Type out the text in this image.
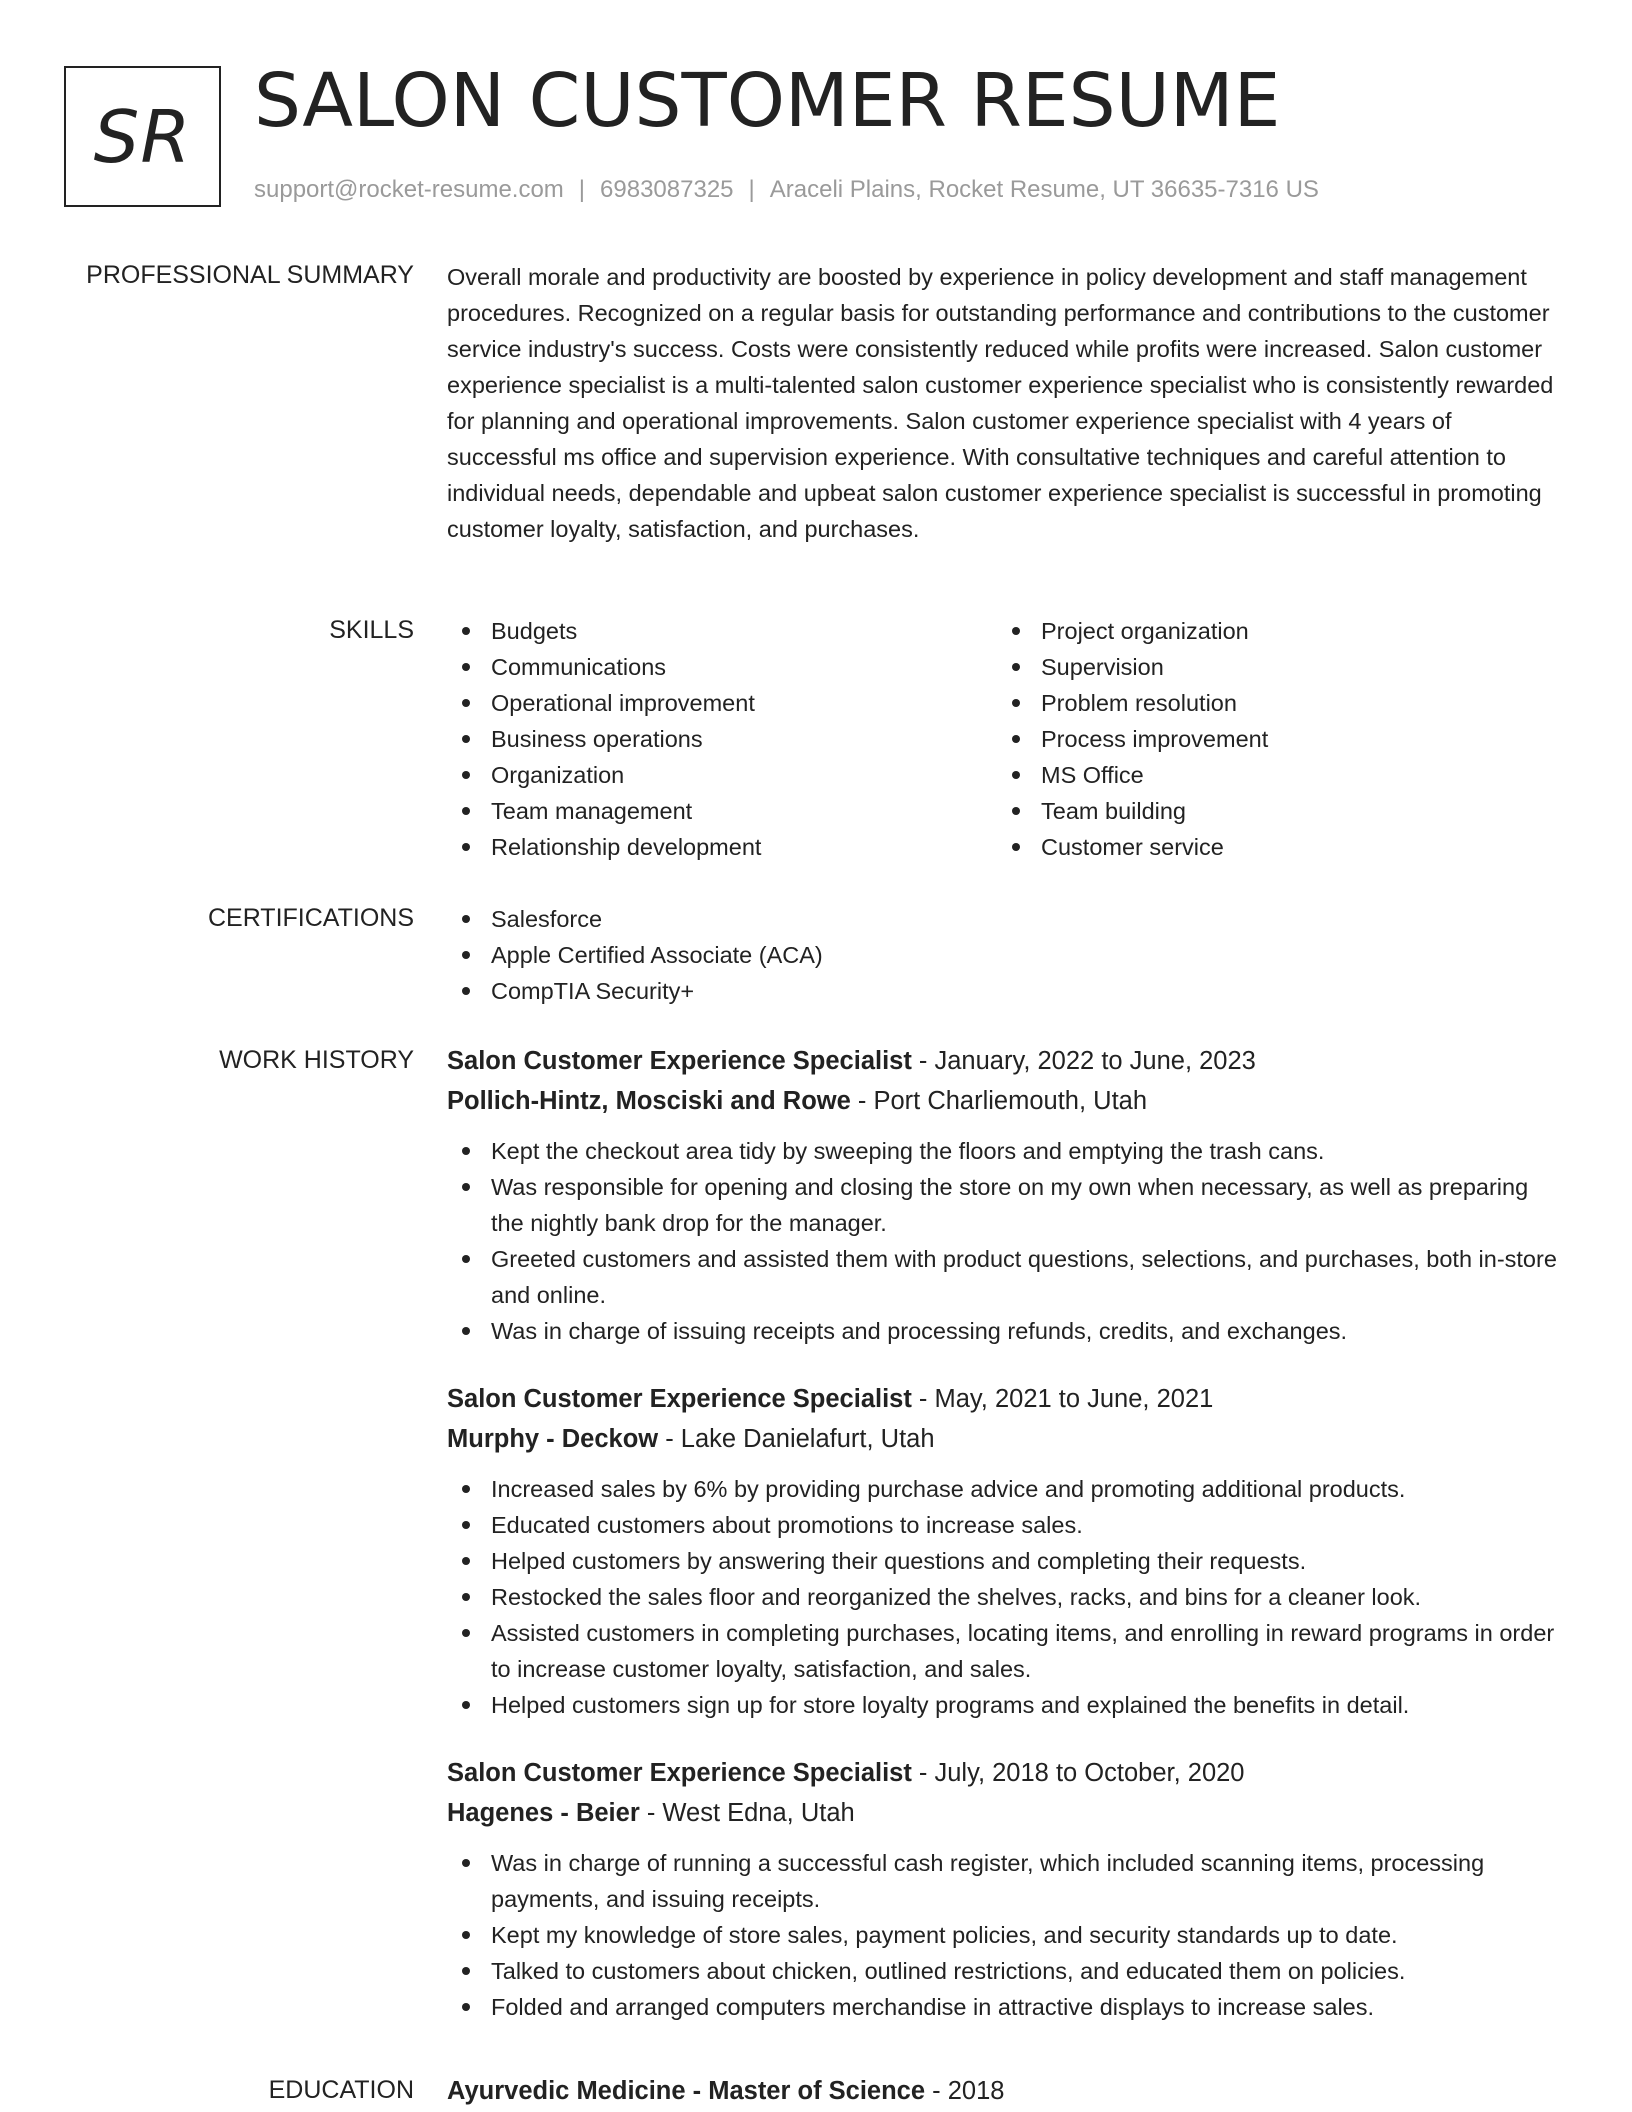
SR SALON CUSTOMER RESUME
support@rocket-resume.com | 6983087325 | Araceli Plains, Rocket Resume, UT 36635-7316 US
PROFESSIONAL SUMMARY Overall morale and productivity are boosted by experience in policy development and staff management procedures. Recognized on a regular basis for outstanding performance and contributions to the customer service industry's success. Costs were consistently reduced while profits were increased. Salon customer experience specialist is a multi-talented salon customer experience specialist who is consistently rewarded for planning and operational improvements. Salon customer experience specialist with 4 years of successful ms office and supervision experience. With consultative techniques and careful attention to individual needs, dependable and upbeat salon customer experience specialist is successful in promoting customer loyalty, satisfaction, and purchases.

SKILLS	Budgets
Communications
Operational improvement
Business operations
Organization
Team management
Relationship development
Project organization
Supervision
Problem resolution
Process improvement
MS Office
Team building
Customer service
CERTIFICATIONS	Salesforce
Apple Certified Associate (ACA)
CompTIA Security+
WORK HISTORY Salon Customer Experience Specialist - January, 2022 to June, 2023
Pollich-Hintz, Mosciski and Rowe - Port Charliemouth, Utah
Kept the checkout area tidy by sweeping the floors and emptying the trash cans.
Was responsible for opening and closing the store on my own when necessary, as well as preparing the nightly bank drop for the manager.
Greeted customers and assisted them with product questions, selections, and purchases, both in-store and online.
Was in charge of issuing receipts and processing refunds, credits, and exchanges.
Salon Customer Experience Specialist - May, 2021 to June, 2021
Murphy - Deckow - Lake Danielafurt, Utah
Increased sales by 6% by providing purchase advice and promoting additional products.
Educated customers about promotions to increase sales.
Helped customers by answering their questions and completing their requests.
Restocked the sales floor and reorganized the shelves, racks, and bins for a cleaner look.
Assisted customers in completing purchases, locating items, and enrolling in reward programs in order to increase customer loyalty, satisfaction, and sales.
Helped customers sign up for store loyalty programs and explained the benefits in detail.
Salon Customer Experience Specialist - July, 2018 to October, 2020
Hagenes - Beier - West Edna, Utah
Was in charge of running a successful cash register, which included scanning items, processing payments, and issuing receipts.
Kept my knowledge of store sales, payment policies, and security standards up to date.
Talked to customers about chicken, outlined restrictions, and educated them on policies.
Folded and arranged computers merchandise in attractive displays to increase sales.
EDUCATION Ayurvedic Medicine - Master of Science - 2018
